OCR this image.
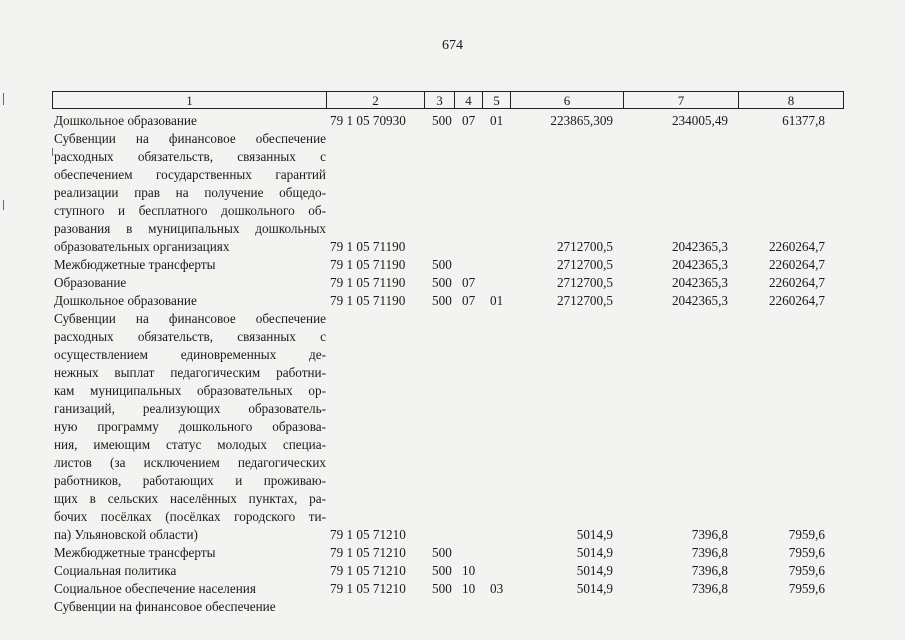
674
1	2	3	4	5	6	7	8
Дошкольное образование	79 1 05 70930 500 07 01	223865,309	234005,49	61377,8
Субвенции на финансовое обеспечение
расходных обязательств, связанных с
обеспечением государственных гарантий
реализации прав на получение общедо-
ступного и бесплатного дошкольного об-
разования в муниципальных дошкольных
образовательных организациях	79 1 05 71190	2712700,5	2042365,3	2260264,7
Межбюджетные трансферты	79 1 05 71190 500	2712700,5	2042365,3	2260264,7
Образование	79 1 05 71190 500 07	2712700,5	2042365,3	2260264,7
Дошкольное образование	79 1 05 71190 500 07 01	2712700,5	2042365,3	2260264,7
Субвенции на финансовое обеспечение
расходных обязательств, связанных с
осуществлением единовременных де-
нежных выплат педагогическим работни-
кам муниципальных образовательных ор-
ганизаций, реализующих образователь-
ную программу дошкольного образова-
ния, имеющим статус молодых специа-
листов (за исключением педагогических
работников, работающих и проживаю-
щих в сельских населённых пунктах, ра-
бочих посёлках (посёлках городского ти-
па) Ульяновской области)	79 1 05 71210	5014,9	7396,8	7959,6
Межбюджетные трансферты	79 1 05 71210 500	5014,9	7396,8	7959,6
Социальная политика	79 1 05 71210 500 10	5014,9	7396,8	7959,6
Социальное обеспечение населения	79 1 05 71210 500 10 03	5014,9	7396,8	7959,6
Субвенции на финансовое обеспечение
